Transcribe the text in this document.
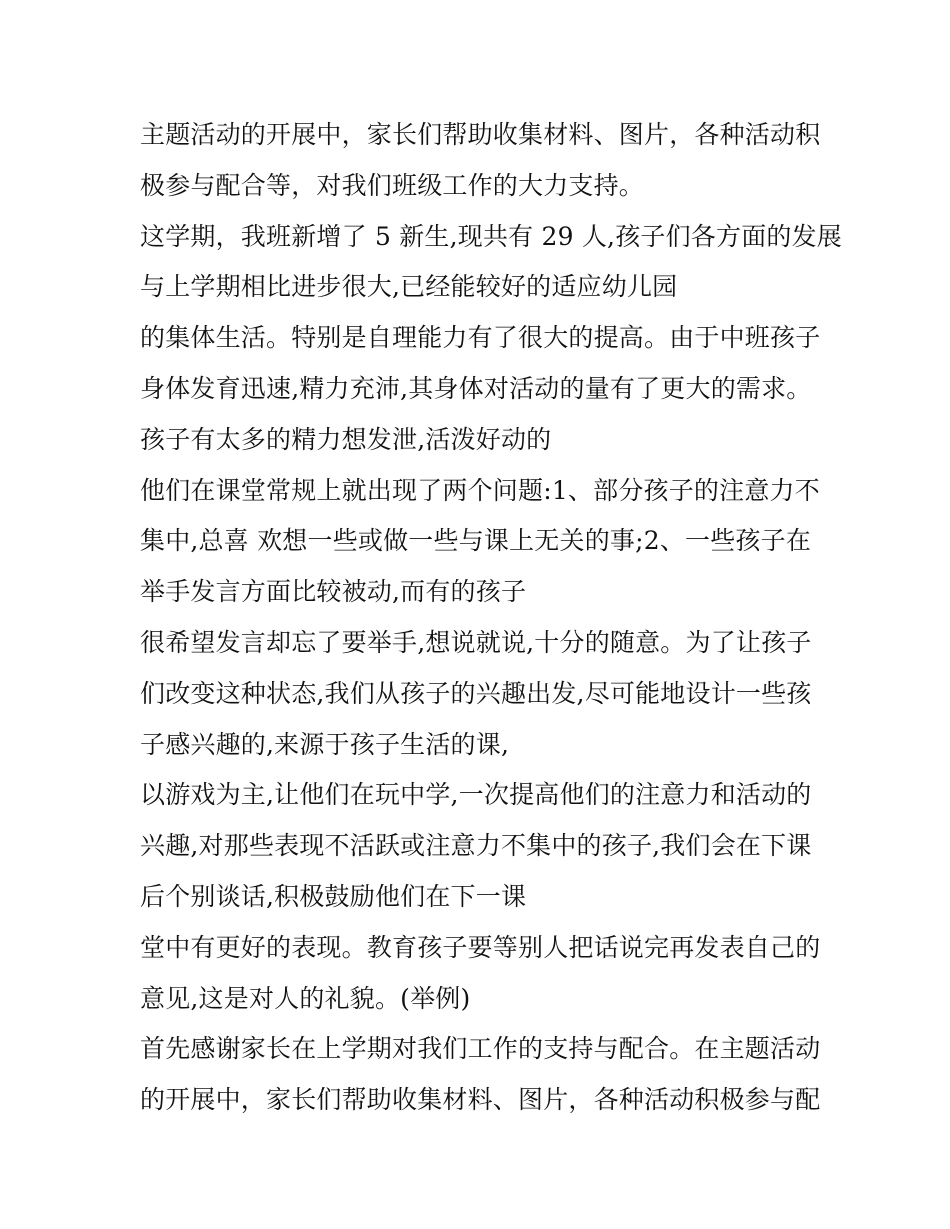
主题活动的开展中，家长们帮助收集材料、图片，各种活动积
极参与配合等，对我们班级工作的大力支持。
这学期，我班新增了 5 新生,现共有 29 人,孩子们各方面的发展
与上学期相比进步很大,已经能较好的适应幼儿园
的集体生活。特别是自理能力有了很大的提高。由于中班孩子
身体发育迅速,精力充沛,其身体对活动的量有了更大的需求。
孩子有太多的精力想发泄,活泼好动的
他们在课堂常规上就出现了两个问题:1、部分孩子的注意力不
集中,总喜 欢想一些或做一些与课上无关的事;2、一些孩子在
举手发言方面比较被动,而有的孩子
很希望发言却忘了要举手,想说就说,十分的随意。为了让孩子
们改变这种状态,我们从孩子的兴趣出发,尽可能地设计一些孩
子感兴趣的,来源于孩子生活的课,
以游戏为主,让他们在玩中学,一次提高他们的注意力和活动的
兴趣,对那些表现不活跃或注意力不集中的孩子,我们会在下课
后个别谈话,积极鼓励他们在下一课
堂中有更好的表现。教育孩子要等别人把话说完再发表自己的
意见,这是对人的礼貌。(举例)
首先感谢家长在上学期对我们工作的支持与配合。在主题活动
的开展中，家长们帮助收集材料、图片，各种活动积极参与配
